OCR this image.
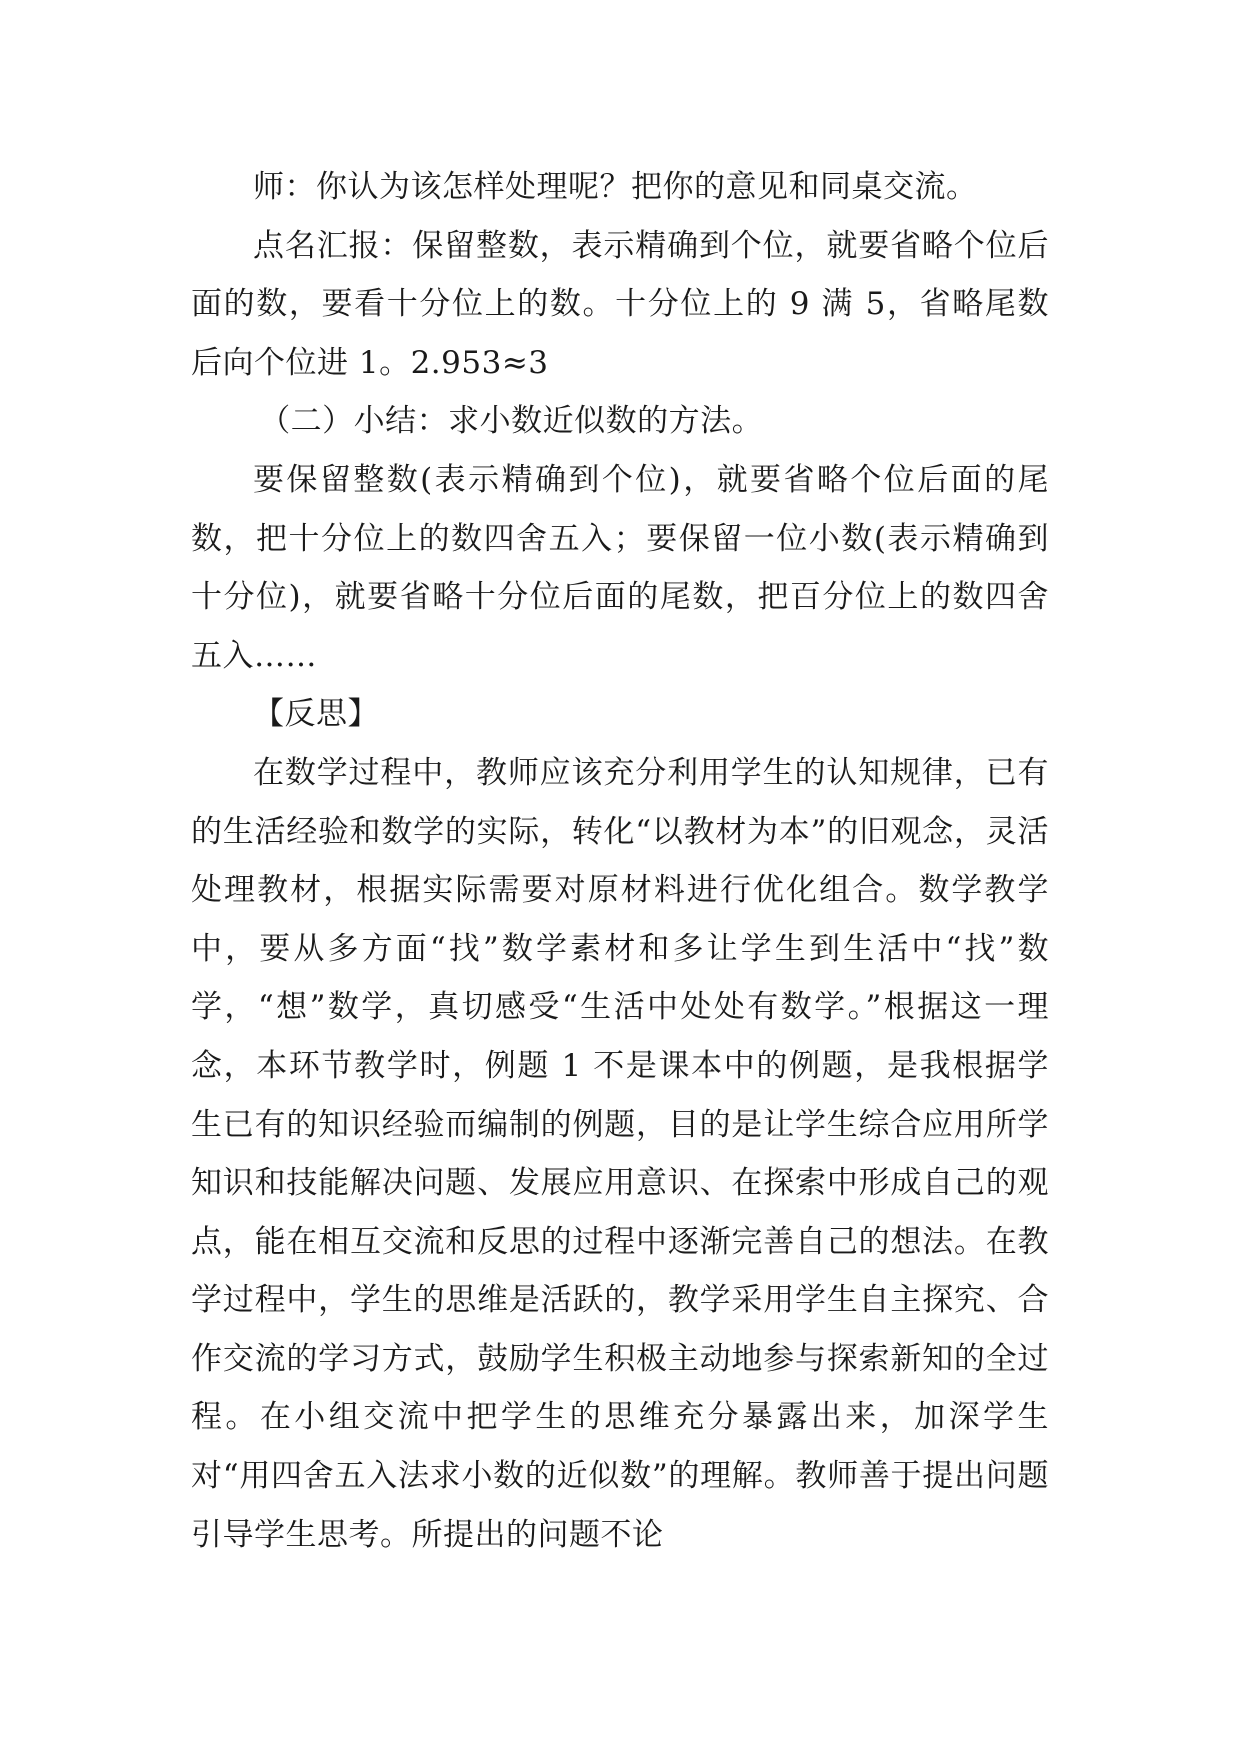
师：你认为该怎样处理呢？把你的意见和同桌交流。

点名汇报：保留整数，表示精确到个位，就要省略个位后面的数，要看十分位上的数。十分位上的 9 满 5，省略尾数后向个位进 1。2.953≈3

（二）小结：求小数近似数的方法。

要保留整数(表示精确到个位)，就要省略个位后面的尾数，把十分位上的数四舍五入；要保留一位小数(表示精确到十分位)，就要省略十分位后面的尾数，把百分位上的数四舍五入……

【反思】

在数学过程中，教师应该充分利用学生的认知规律，已有的生活经验和数学的实际，转化“以教材为本”的旧观念，灵活处理教材，根据实际需要对原材料进行优化组合。数学教学中，要从多方面“找”数学素材和多让学生到生活中“找”数学，“想”数学，真切感受“生活中处处有数学。”根据这一理念，本环节教学时，例题 1 不是课本中的例题，是我根据学生已有的知识经验而编制的例题，目的是让学生综合应用所学知识和技能解决问题、发展应用意识、在探索中形成自己的观点，能在相互交流和反思的过程中逐渐完善自己的想法。在教学过程中，学生的思维是活跃的，教学采用学生自主探究、合作交流的学习方式，鼓励学生积极主动地参与探索新知的全过程。在小组交流中把学生的思维充分暴露出来，加深学生对“用四舍五入法求小数的近似数”的理解。教师善于提出问题引导学生思考。所提出的问题不论
